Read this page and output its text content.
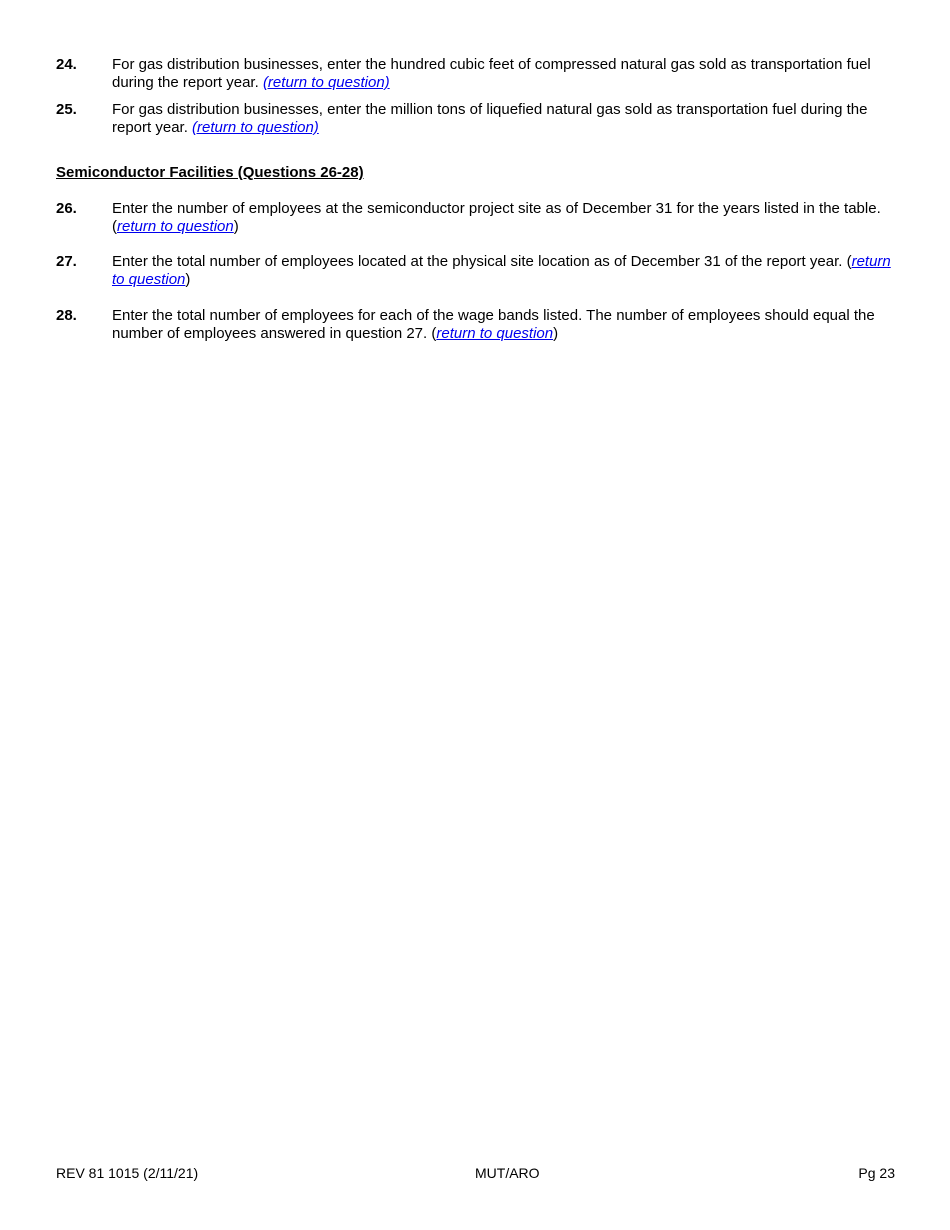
24. For gas distribution businesses, enter the hundred cubic feet of compressed natural gas sold as transportation fuel during the report year. (return to question)
25. For gas distribution businesses, enter the million tons of liquefied natural gas sold as transportation fuel during the report year. (return to question)
Semiconductor Facilities (Questions 26-28)
26. Enter the number of employees at the semiconductor project site as of December 31 for the years listed in the table. (return to question)
27. Enter the total number of employees located at the physical site location as of December 31 of the report year. (return to question)
28. Enter the total number of employees for each of the wage bands listed. The number of employees should equal the number of employees answered in question 27. (return to question)
REV 81 1015 (2/11/21)	MUT/ARO	Pg 23
